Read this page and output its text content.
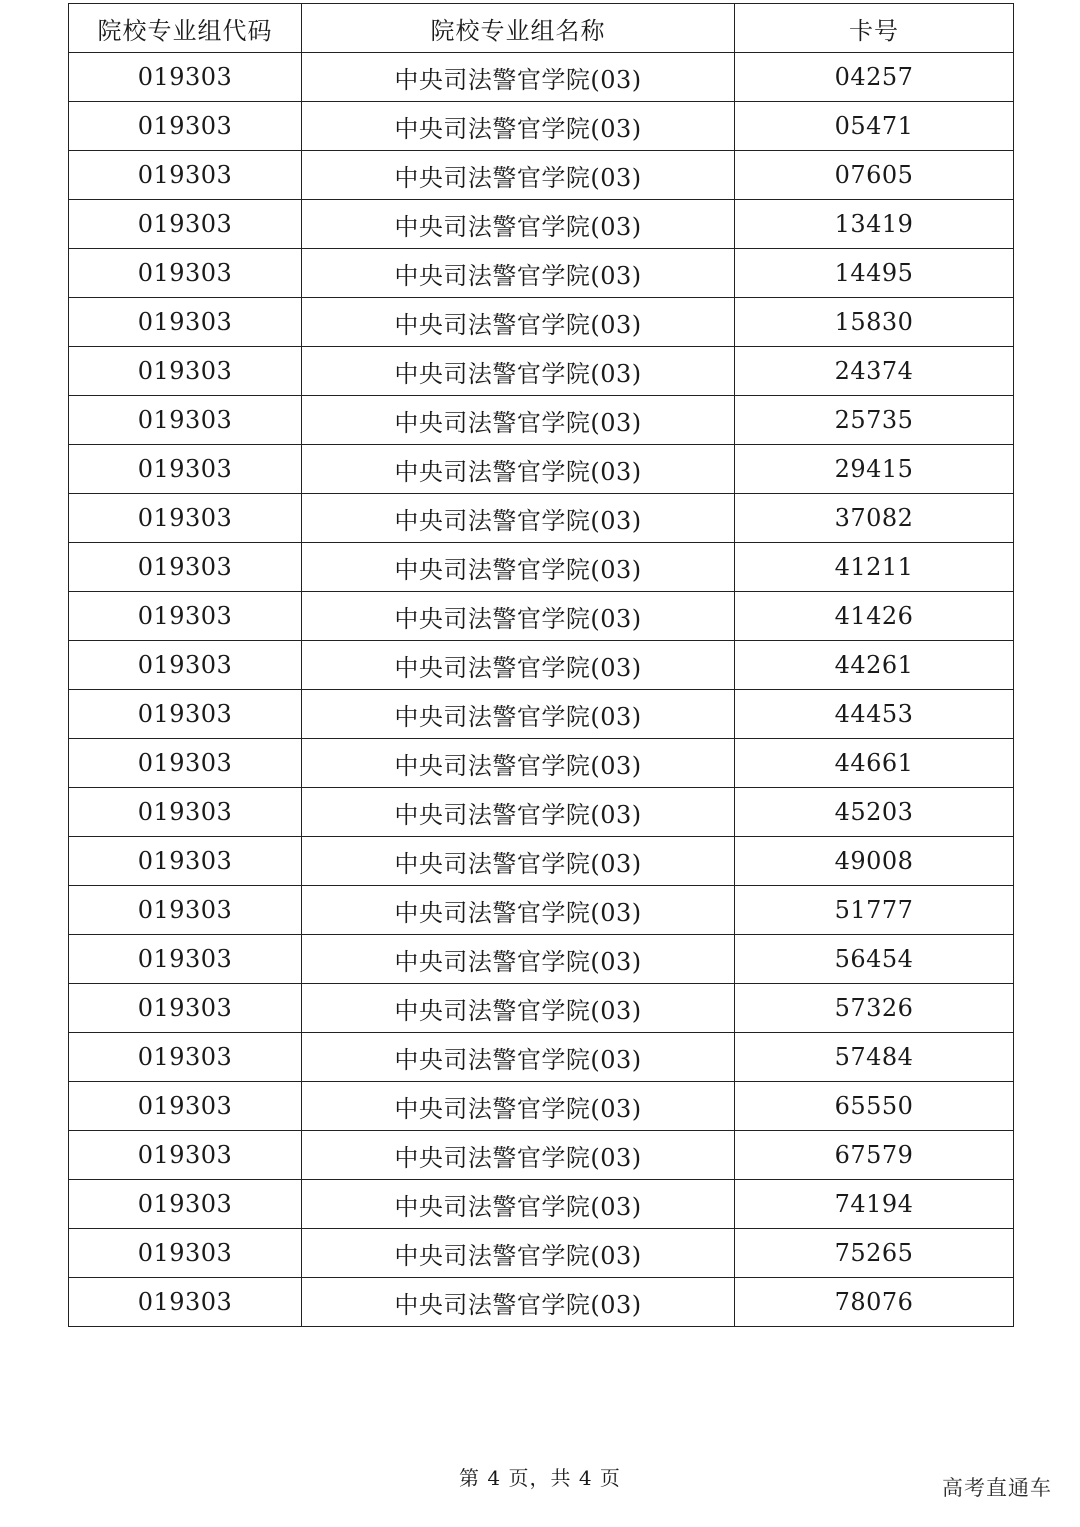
院校专业组代码	院校专业组名称	卡号
019303	中央司法警官学院(03)	04257
019303	中央司法警官学院(03)	05471
019303	中央司法警官学院(03)	07605
019303	中央司法警官学院(03)	13419
019303	中央司法警官学院(03)	14495
019303	中央司法警官学院(03)	15830
019303	中央司法警官学院(03)	24374
019303	中央司法警官学院(03)	25735
019303	中央司法警官学院(03)	29415
019303	中央司法警官学院(03)	37082
019303	中央司法警官学院(03)	41211
019303	中央司法警官学院(03)	41426
019303	中央司法警官学院(03)	44261
019303	中央司法警官学院(03)	44453
019303	中央司法警官学院(03)	44661
019303	中央司法警官学院(03)	45203
019303	中央司法警官学院(03)	49008
019303	中央司法警官学院(03)	51777
019303	中央司法警官学院(03)	56454
019303	中央司法警官学院(03)	57326
019303	中央司法警官学院(03)	57484
019303	中央司法警官学院(03)	65550
019303	中央司法警官学院(03)	67579
019303	中央司法警官学院(03)	74194
019303	中央司法警官学院(03)	75265
019303	中央司法警官学院(03)	78076
第 4 页，共 4 页	高考直通车
